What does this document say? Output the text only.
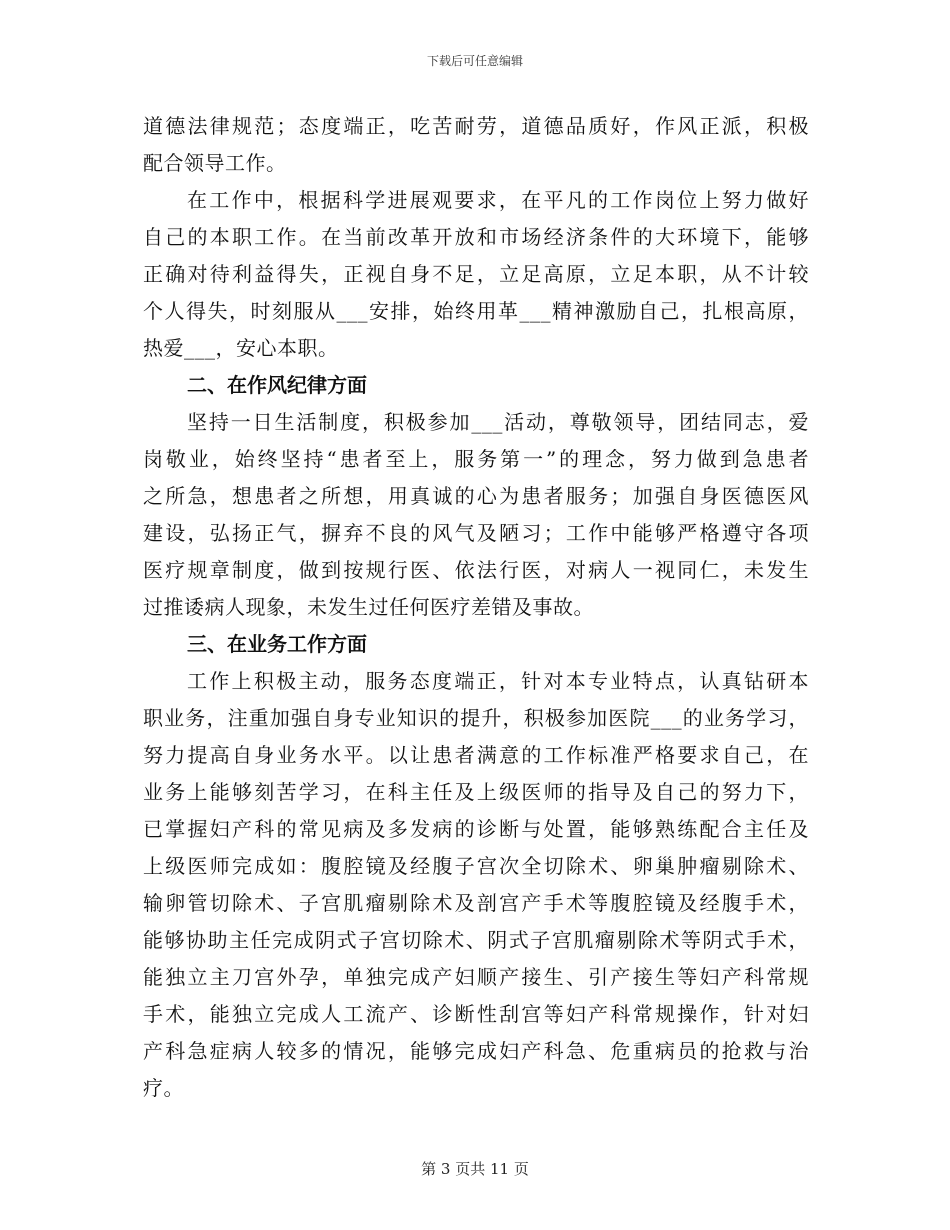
下载后可任意编辑
道德法律规范；态度端正，吃苦耐劳，道德品质好，作风正派，积极
配合领导工作。
在工作中，根据科学进展观要求，在平凡的工作岗位上努力做好
自己的本职工作。在当前改革开放和市场经济条件的大环境下，能够
正确对待利益得失，正视自身不足，立足高原，立足本职，从不计较
个人得失，时刻服从___安排，始终用革___精神激励自己，扎根高原，
热爱___，安心本职。
二、在作风纪律方面
坚持一日生活制度，积极参加___活动，尊敬领导，团结同志，爱
岗敬业，始终坚持“患者至上，服务第一”的理念，努力做到急患者
之所急，想患者之所想，用真诚的心为患者服务；加强自身医德医风
建设，弘扬正气，摒弃不良的风气及陋习；工作中能够严格遵守各项
医疗规章制度，做到按规行医、依法行医，对病人一视同仁，未发生
过推诿病人现象，未发生过任何医疗差错及事故。
三、在业务工作方面
工作上积极主动，服务态度端正，针对本专业特点，认真钻研本
职业务，注重加强自身专业知识的提升，积极参加医院___的业务学习，
努力提高自身业务水平。以让患者满意的工作标准严格要求自己，在
业务上能够刻苦学习，在科主任及上级医师的指导及自己的努力下，
已掌握妇产科的常见病及多发病的诊断与处置，能够熟练配合主任及
上级医师完成如：腹腔镜及经腹子宫次全切除术、卵巢肿瘤剔除术、
输卵管切除术、子宫肌瘤剔除术及剖宫产手术等腹腔镜及经腹手术，
能够协助主任完成阴式子宫切除术、阴式子宫肌瘤剔除术等阴式手术，
能独立主刀宫外孕，单独完成产妇顺产接生、引产接生等妇产科常规
手术，能独立完成人工流产、诊断性刮宫等妇产科常规操作，针对妇
产科急症病人较多的情况，能够完成妇产科急、危重病员的抢救与治
疗。
第 3 页共 11 页
